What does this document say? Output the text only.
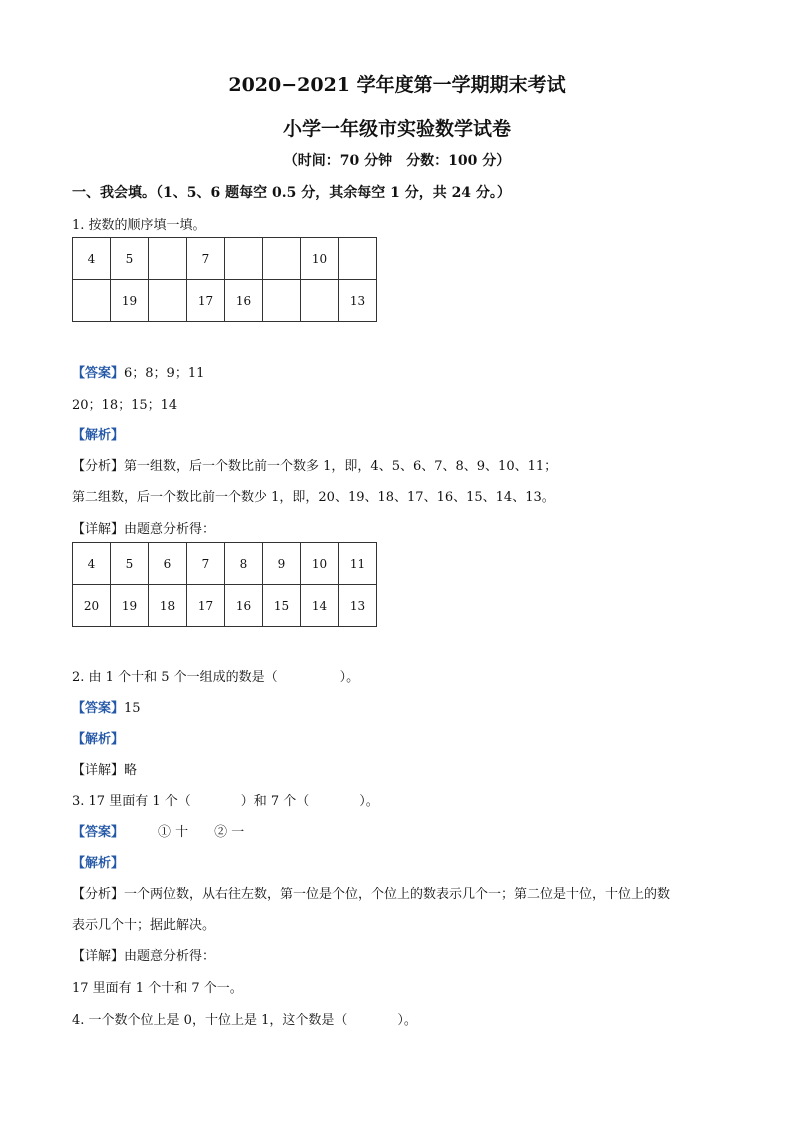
2020−2021 学年度第一学期期末考试
小学一年级市实验数学试卷
（时间：70 分钟　分数：100 分）
一、我会填。（1、5、6 题每空 0.5 分，其余每空 1 分，共 24 分。）
1. 按数的顺序填一填。
4	5		7			10	
	19		17	16			13
【答案】6；8；9；11
20；18；15；14
【解析】
【分析】第一组数，后一个数比前一个数多 1，即，4、5、6、7、8、9、10、11；
第二组数，后一个数比前一个数少 1，即，20、19、18、17、16、15、14、13。
【详解】由题意分析得：
4	5	6	7	8	9	10	11
20	19	18	17	16	15	14	13
2. 由 1 个十和 5 个一组成的数是（	）。
【答案】15
【解析】
【详解】略
3. 17 里面有 1 个（	）和 7 个（	）。
【答案】	① 十　　② 一
【解析】
【分析】一个两位数，从右往左数，第一位是个位，个位上的数表示几个一；第二位是十位，十位上的数
表示几个十；据此解决。
【详解】由题意分析得：
17 里面有 1 个十和 7 个一。
4. 一个数个位上是 0，十位上是 1，这个数是（	）。
